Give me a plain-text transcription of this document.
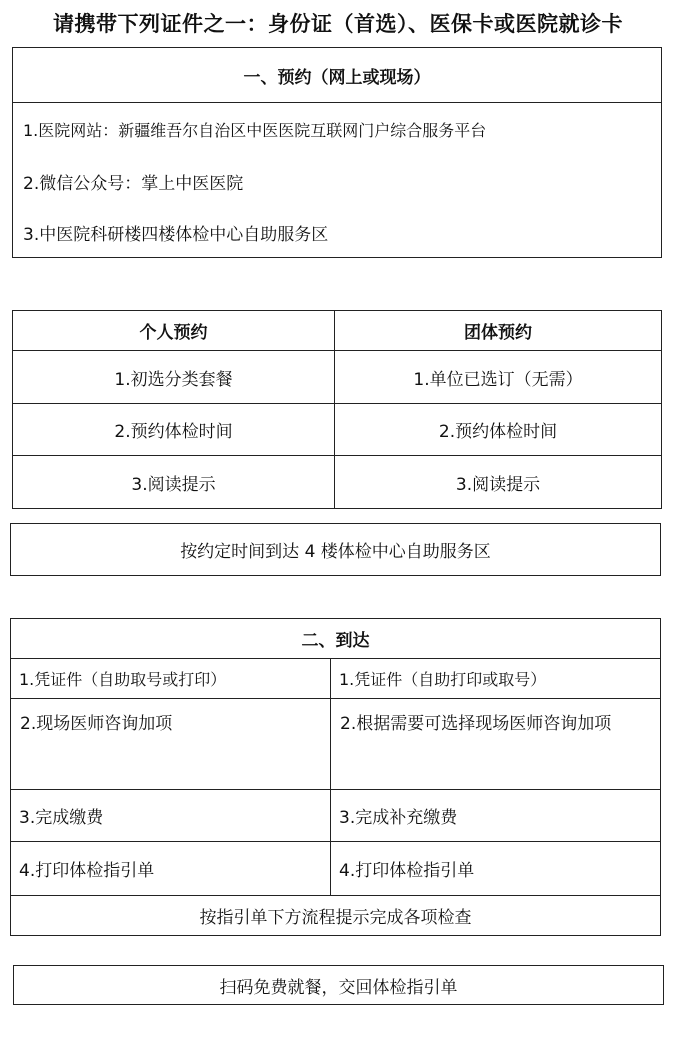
请携带下列证件之一：身份证（首选）、医保卡或医院就诊卡
一、预约（网上或现场）
1.医院网站：新疆维吾尔自治区中医医院互联网门户综合服务平台
2.微信公众号：掌上中医医院
3.中医院科研楼四楼体检中心自助服务区
个人预约	团体预约
1.初选分类套餐	1.单位已选订（无需）
2.预约体检时间	2.预约体检时间
3.阅读提示	3.阅读提示
按约定时间到达 4 楼体检中心自助服务区
二、到达
1.凭证件（自助取号或打印）	1.凭证件（自助打印或取号）
2.现场医师咨询加项	2.根据需要可选择现场医师咨询加项
3.完成缴费	3.完成补充缴费
4.打印体检指引单	4.打印体检指引单
按指引单下方流程提示完成各项检查
扫码免费就餐，交回体检指引单
